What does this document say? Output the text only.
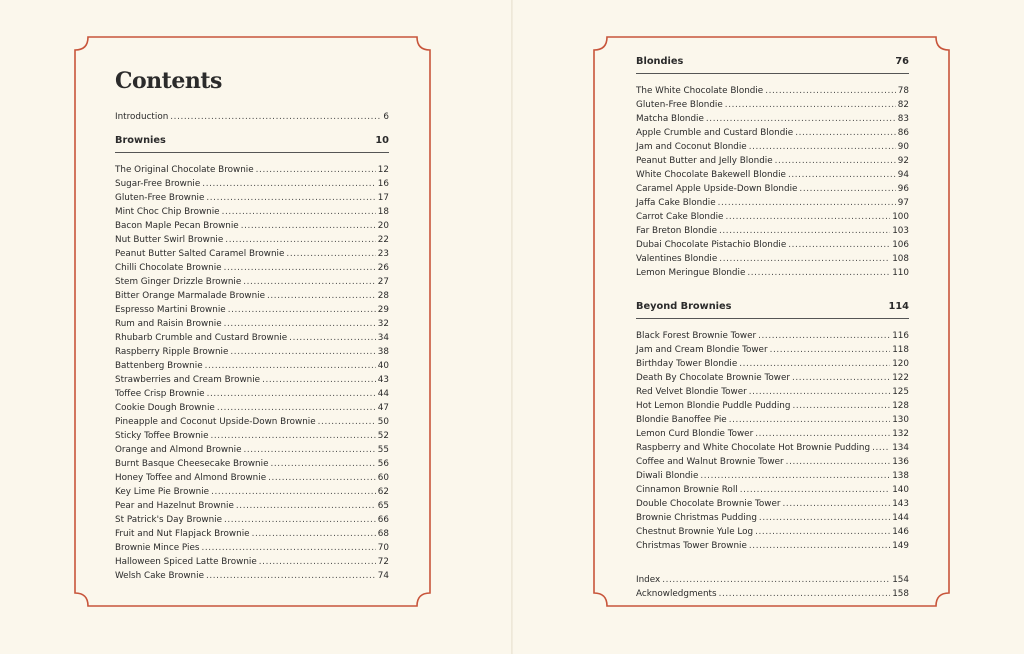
Contents
Introduction .....	6
Brownies	10
The Original Chocolate Brownie .....	12
Sugar-Free Brownie .....	16
Gluten-Free Brownie .....	17
Mint Choc Chip Brownie .....	18
Bacon Maple Pecan Brownie .....	20
Nut Butter Swirl Brownie .....	22
Peanut Butter Salted Caramel Brownie .....	23
Chilli Chocolate Brownie .....	26
Stem Ginger Drizzle Brownie .....	27
Bitter Orange Marmalade Brownie .....	28
Espresso Martini Brownie .....	29
Rum and Raisin Brownie .....	32
Rhubarb Crumble and Custard Brownie .....	34
Raspberry Ripple Brownie .....	38
Battenberg Brownie .....	40
Strawberries and Cream Brownie .....	43
Toffee Crisp Brownie .....	44
Cookie Dough Brownie .....	47
Pineapple and Coconut Upside-Down Brownie .....	50
Sticky Toffee Brownie .....	52
Orange and Almond Brownie .....	55
Burnt Basque Cheesecake Brownie .....	56
Honey Toffee and Almond Brownie .....	60
Key Lime Pie Brownie .....	62
Pear and Hazelnut Brownie .....	65
St Patrick's Day Brownie .....	66
Fruit and Nut Flapjack Brownie .....	68
Brownie Mince Pies .....	70
Halloween Spiced Latte Brownie .....	72
Welsh Cake Brownie .....	74
Blondies	76
The White Chocolate Blondie .....	78
Gluten-Free Blondie .....	82
Matcha Blondie .....	83
Apple Crumble and Custard Blondie .....	86
Jam and Coconut Blondie .....	90
Peanut Butter and Jelly Blondie .....	92
White Chocolate Bakewell Blondie .....	94
Caramel Apple Upside-Down Blondie .....	96
Jaffa Cake Blondie .....	97
Carrot Cake Blondie .....	100
Far Breton Blondie .....	103
Dubai Chocolate Pistachio Blondie .....	106
Valentines Blondie .....	108
Lemon Meringue Blondie .....	110
Beyond Brownies	114
Black Forest Brownie Tower .....	116
Jam and Cream Blondie Tower .....	118
Birthday Tower Blondie .....	120
Death By Chocolate Brownie Tower .....	122
Red Velvet Blondie Tower .....	125
Hot Lemon Blondie Puddle Pudding .....	128
Blondie Banoffee Pie .....	130
Lemon Curd Blondie Tower .....	132
Raspberry and White Chocolate Hot Brownie Pudding .....	134
Coffee and Walnut Brownie Tower .....	136
Diwali Blondie .....	138
Cinnamon Brownie Roll .....	140
Double Chocolate Brownie Tower .....	143
Brownie Christmas Pudding .....	144
Chestnut Brownie Yule Log .....	146
Christmas Tower Brownie .....	149
Index .....	154
Acknowledgments .....	158
